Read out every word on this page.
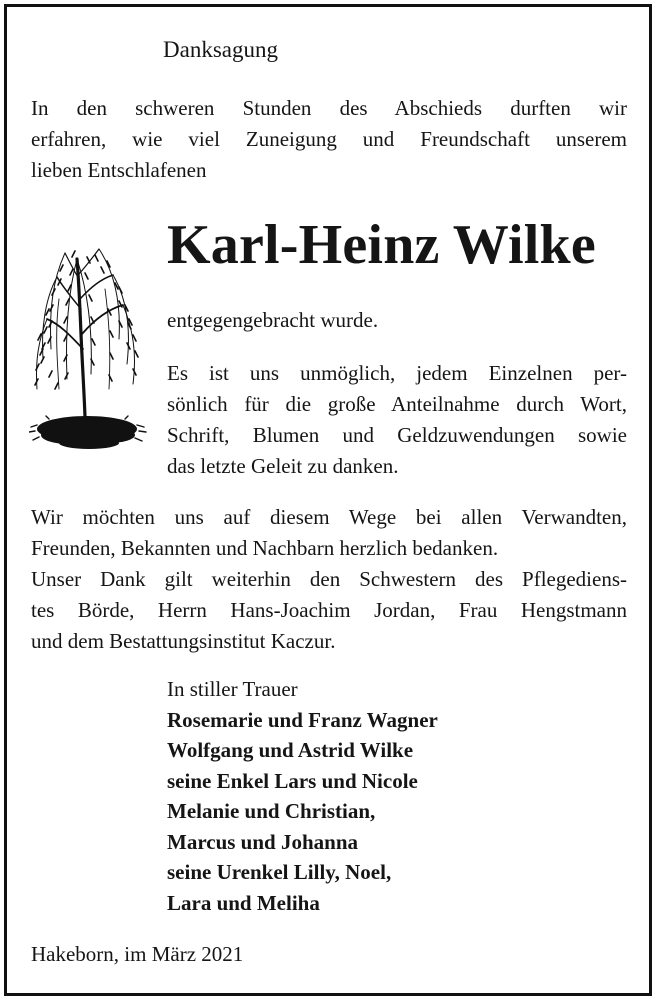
Danksagung
In den schweren Stunden des Abschieds durften wir
erfahren, wie viel Zuneigung und Freundschaft unserem
lieben Entschlafenen
Karl-Heinz Wilke
entgegengebracht wurde.
Es ist uns unmöglich, jedem Einzelnen per-
sönlich für die große Anteilnahme durch Wort,
Schrift, Blumen und Geldzuwendungen sowie
das letzte Geleit zu danken.
Wir möchten uns auf diesem Wege bei allen Verwandten,
Freunden, Bekannten und Nachbarn herzlich bedanken.
Unser Dank gilt weiterhin den Schwestern des Pflegediens-
tes Börde, Herrn Hans-Joachim Jordan, Frau Hengstmann
und dem Bestattungsinstitut Kaczur.
In stiller Trauer
Rosemarie und Franz Wagner
Wolfgang und Astrid Wilke
seine Enkel Lars und Nicole
Melanie und Christian,
Marcus und Johanna
seine Urenkel Lilly, Noel,
Lara und Meliha
Hakeborn, im März 2021
